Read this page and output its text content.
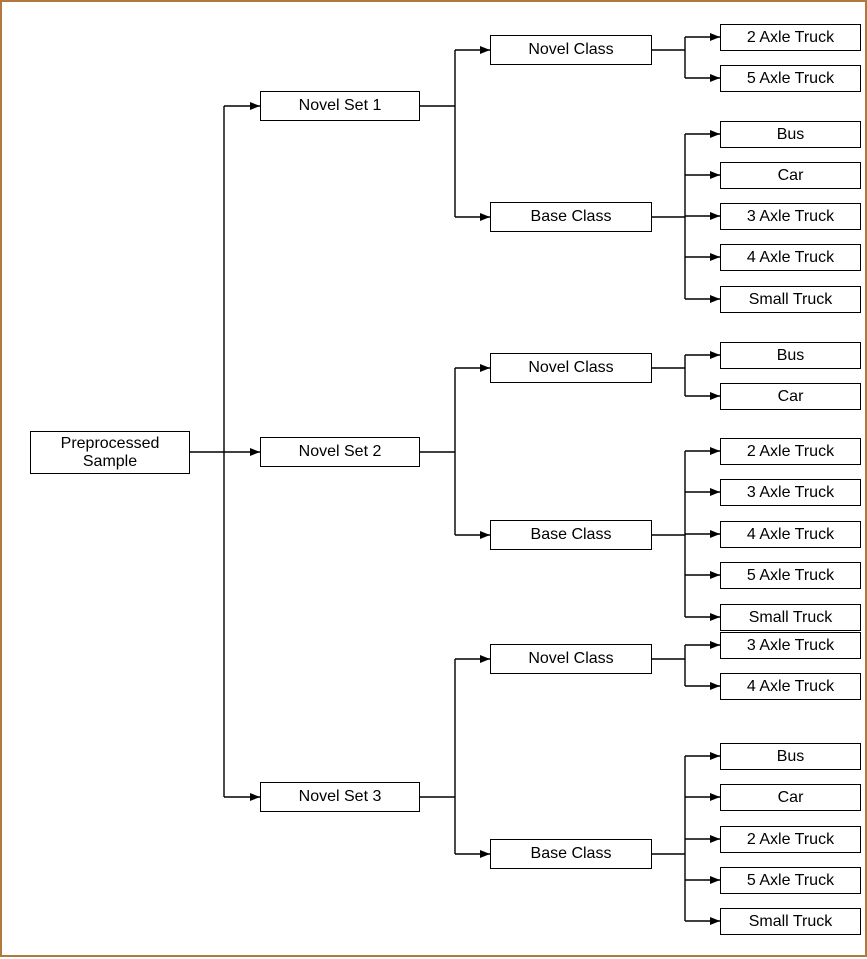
Preprocessed
Sample
Novel Set 1
Novel Set 2
Novel Set 3
Novel Class
Base Class
Novel Class
Base Class
Novel Class
Base Class
2 Axle Truck
5 Axle Truck
Bus
Car
3 Axle Truck
4 Axle Truck
Small Truck
Bus
Car
2 Axle Truck
3 Axle Truck
4 Axle Truck
5 Axle Truck
Small Truck
3 Axle Truck
4 Axle Truck
Bus
Car
2 Axle Truck
5 Axle Truck
Small Truck
